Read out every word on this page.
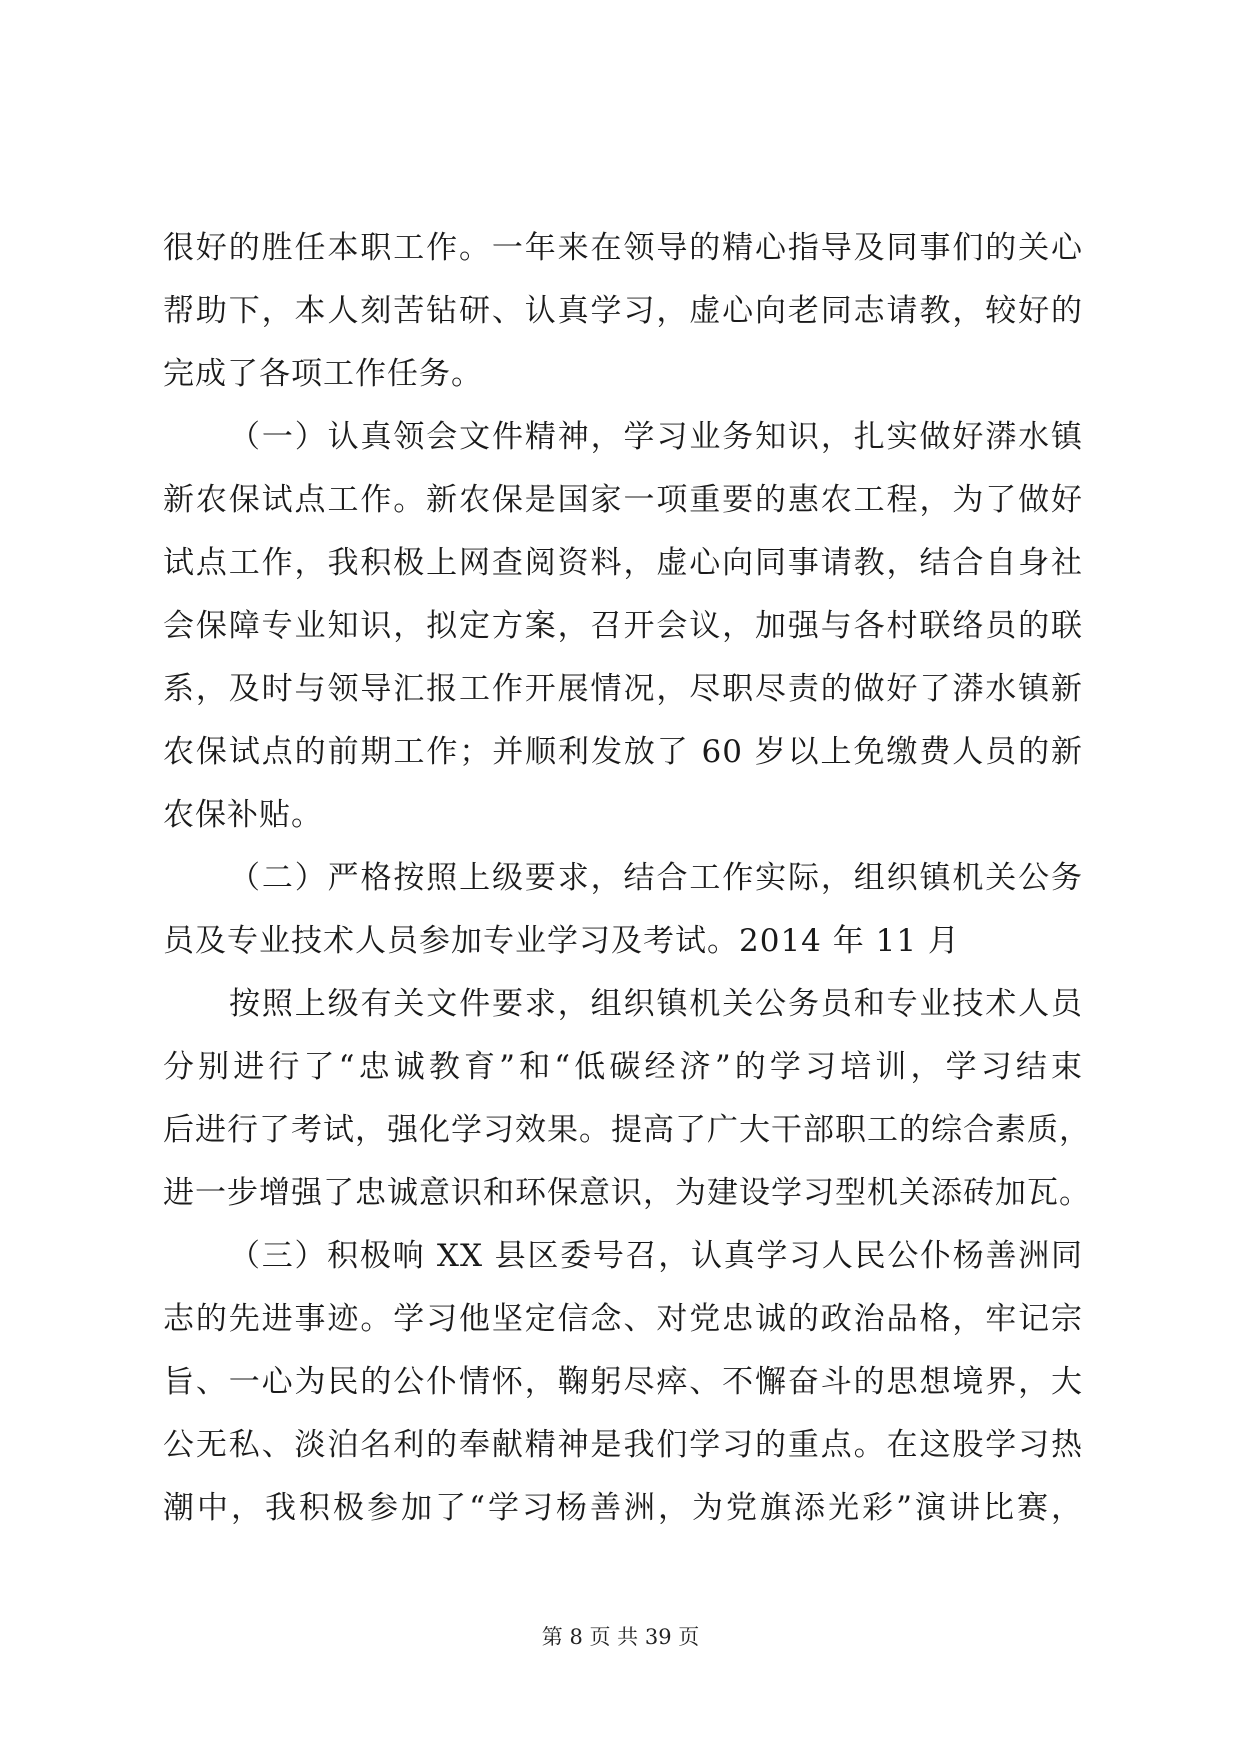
很好的胜任本职工作。一年来在领导的精心指导及同事们的关心
帮助下，本人刻苦钻研、认真学习，虚心向老同志请教，较好的
完成了各项工作任务。
（一）认真领会文件精神，学习业务知识，扎实做好漭水镇
新农保试点工作。新农保是国家一项重要的惠农工程，为了做好
试点工作，我积极上网查阅资料，虚心向同事请教，结合自身社
会保障专业知识，拟定方案，召开会议，加强与各村联络员的联
系，及时与领导汇报工作开展情况，尽职尽责的做好了漭水镇新
农保试点的前期工作；并顺利发放了 60 岁以上免缴费人员的新
农保补贴。
（二）严格按照上级要求，结合工作实际，组织镇机关公务
员及专业技术人员参加专业学习及考试。2014 年 11 月
按照上级有关文件要求，组织镇机关公务员和专业技术人员
分别进行了“忠诚教育”和“低碳经济”的学习培训，学习结束
后进行了考试，强化学习效果。提高了广大干部职工的综合素质，
进一步增强了忠诚意识和环保意识，为建设学习型机关添砖加瓦。
（三）积极响 XX 县区委号召，认真学习人民公仆杨善洲同
志的先进事迹。学习他坚定信念、对党忠诚的政治品格，牢记宗
旨、一心为民的公仆情怀，鞠躬尽瘁、不懈奋斗的思想境界，大
公无私、淡泊名利的奉献精神是我们学习的重点。在这股学习热
潮中，我积极参加了“学习杨善洲，为党旗添光彩”演讲比赛，
第 8 页 共 39 页
